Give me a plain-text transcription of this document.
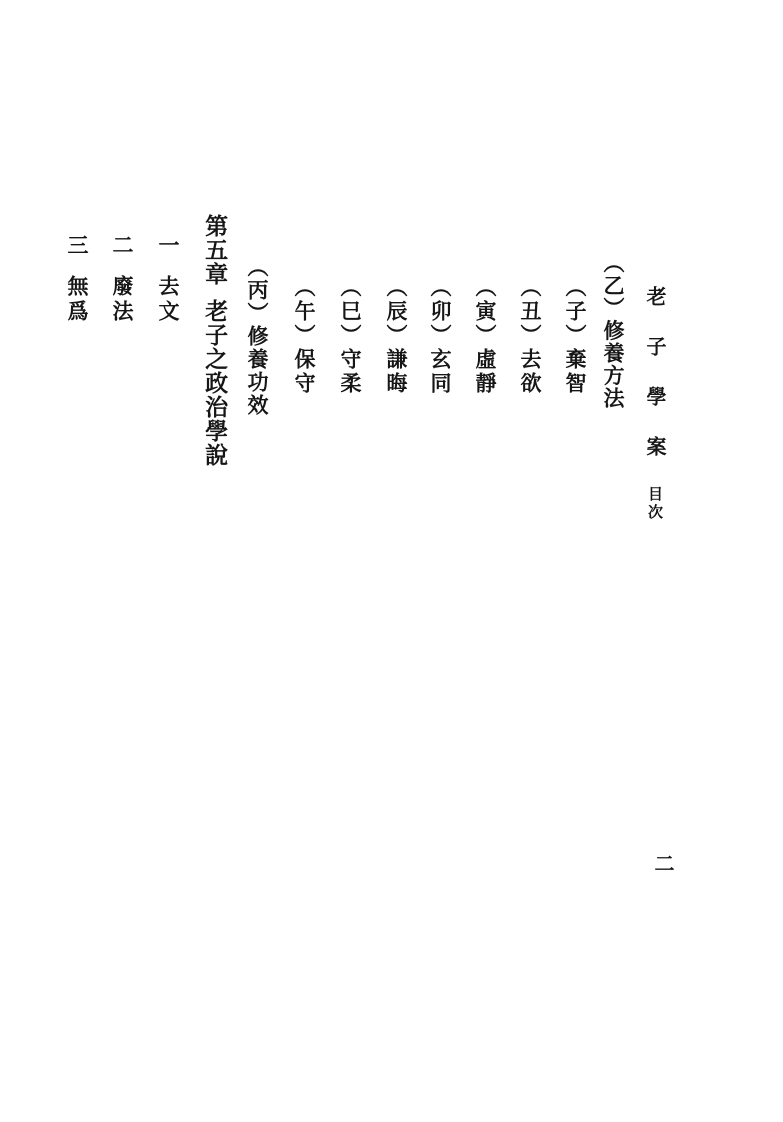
老子學案目次
（乙）修養方法
（子）棄智
（丑）去欲
（寅）虛靜
（卯）玄同
（辰）謙晦
（巳）守柔
（午）保守
（丙）修養功效
第五章老子之政治學說
一去文
二廢法
三無爲
二
